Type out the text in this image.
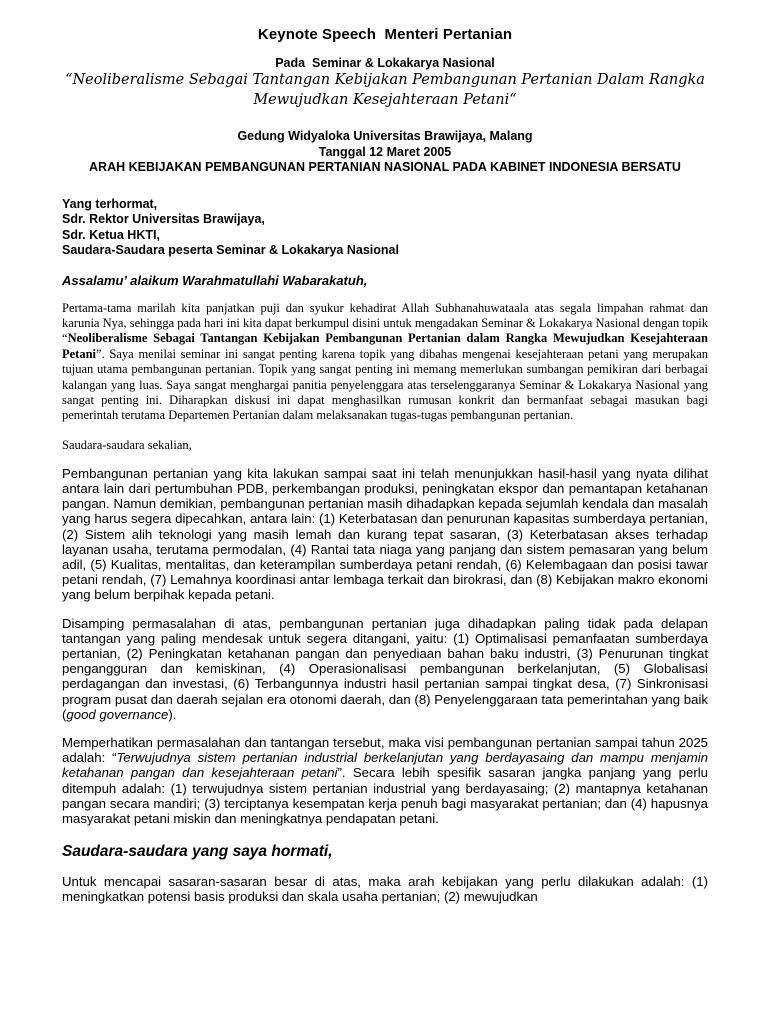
Keynote Speech  Menteri Pertanian

Pada  Seminar & Lokakarya Nasional

“Neoliberalisme Sebagai Tantangan Kebijakan Pembangunan Pertanian Dalam Rangka Mewujudkan Kesejahteraan Petani“

Gedung Widyaloka Universitas Brawijaya, Malang

Tanggal 12 Maret 2005

ARAH KEBIJAKAN PEMBANGUNAN PERTANIAN NASIONAL PADA KABINET INDONESIA BERSATU

Yang terhormat,

Sdr. Rektor Universitas Brawijaya,

Sdr. Ketua HKTI,

Saudara-Saudara peserta Seminar & Lokakarya Nasional

Assalamu’ alaikum Warahmatullahi Wabarakatuh,

Pertama-tama marilah kita panjatkan puji dan syukur kehadirat Allah Subhanahuwataala atas segala limpahan rahmat dan karunia Nya, sehingga pada hari ini kita dapat berkumpul disini untuk mengadakan Seminar & Lokakarya Nasional dengan topik “Neoliberalisme Sebagai Tantangan Kebijakan Pembangunan Pertanian dalam Rangka Mewujudkan Kesejahteraan Petani”. Saya menilai seminar ini sangat penting karena topik yang dibahas mengenai kesejahteraan petani yang merupakan tujuan utama pembangunan pertanian. Topik yang sangat penting ini memang memerlukan sumbangan pemikiran dari berbagai kalangan yang luas. Saya sangat menghargai panitia penyelenggara atas terselenggaranya Seminar & Lokakarya Nasional yang sangat penting ini. Diharapkan diskusi ini dapat menghasilkan rumusan konkrit dan bermanfaat sebagai masukan bagi pemerintah terutama Departemen Pertanian dalam melaksanakan tugas-tugas pembangunan pertanian.

Saudara-saudara sekalian,

Pembangunan pertanian yang kita lakukan sampai saat ini telah menunjukkan hasil-hasil yang nyata dilihat antara lain dari pertumbuhan PDB, perkembangan produksi, peningkatan ekspor dan pemantapan ketahanan pangan. Namun demikian, pembangunan pertanian masih dihadapkan kepada sejumlah kendala dan masalah yang harus segera dipecahkan, antara lain: (1) Keterbatasan dan penurunan kapasitas sumberdaya pertanian, (2) Sistem alih teknologi yang masih lemah dan kurang tepat sasaran, (3) Keterbatasan akses terhadap layanan usaha, terutama permodalan, (4) Rantai tata niaga yang panjang dan sistem pemasaran yang belum adil, (5) Kualitas, mentalitas, dan keterampilan sumberdaya petani rendah, (6) Kelembagaan dan posisi tawar petani rendah, (7) Lemahnya koordinasi antar lembaga terkait dan birokrasi, dan (8) Kebijakan makro ekonomi yang belum berpihak kepada petani.

Disamping permasalahan di atas, pembangunan pertanian juga dihadapkan paling tidak pada delapan tantangan yang paling mendesak untuk segera ditangani, yaitu: (1) Optimalisasi pemanfaatan sumberdaya pertanian, (2) Peningkatan ketahanan pangan dan penyediaan bahan baku industri, (3) Penurunan tingkat pengangguran dan kemiskinan, (4) Operasionalisasi pembangunan berkelanjutan, (5) Globalisasi perdagangan dan investasi, (6) Terbangunnya industri hasil pertanian sampai tingkat desa, (7) Sinkronisasi program pusat dan daerah sejalan era otonomi daerah, dan (8) Penyelenggaraan tata pemerintahan yang baik (good governance).

Memperhatikan permasalahan dan tantangan tersebut, maka visi pembangunan pertanian sampai tahun 2025 adalah: “Terwujudnya sistem pertanian industrial berkelanjutan yang berdayasaing dan mampu menjamin ketahanan pangan dan kesejahteraan petani”. Secara lebih spesifik sasaran jangka panjang yang perlu ditempuh adalah: (1) terwujudnya sistem pertanian industrial yang berdayasaing; (2) mantapnya ketahanan pangan secara mandiri; (3) terciptanya kesempatan kerja penuh bagi masyarakat pertanian; dan (4) hapusnya masyarakat petani miskin dan meningkatnya pendapatan petani.

Saudara-saudara yang saya hormati,

Untuk mencapai sasaran-sasaran besar di atas, maka arah kebijakan yang perlu dilakukan adalah: (1) meningkatkan potensi basis produksi dan skala usaha pertanian; (2) mewujudkan
